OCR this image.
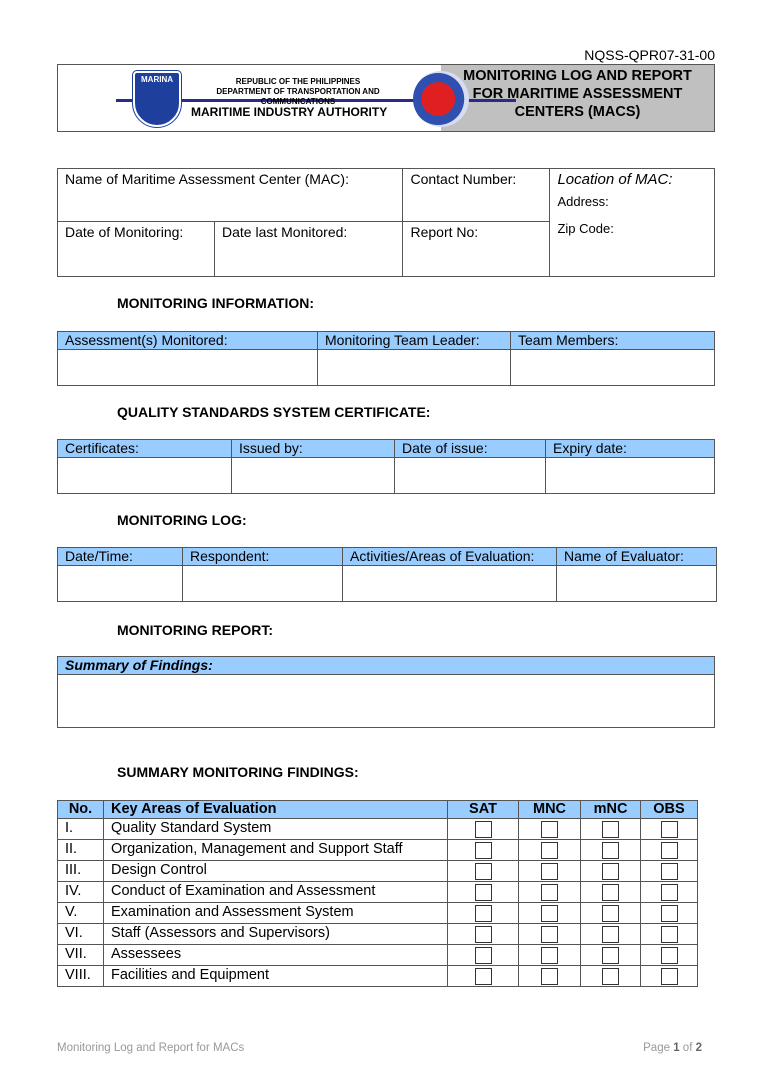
NQSS-QPR07-31-00
MARINA	REPUBLIC OF THE PHILIPPINES
DEPARTMENT OF TRANSPORTATION AND COMMUNICATIONS
MARITIME INDUSTRY AUTHORITY
MONITORING LOG AND REPORT
FOR MARITIME ASSESSMENT
CENTERS (MACS)
Name of Maritime Assessment Center (MAC):		Contact Number:	Location of MAC:
Address:
Zip Code:

Date of Monitoring:	Date last Monitored:	Report No:	
MONITORING INFORMATION:
Assessment(s) Monitored:	Monitoring Team Leader:	Team Members:

QUALITY STANDARDS SYSTEM CERTIFICATE:
Certificates:	Issued by:	Date of issue:	Expiry date:

MONITORING LOG:
Date/Time:	Respondent:	Activities/Areas of Evaluation:	Name of Evaluator:

MONITORING REPORT:
Summary of Findings:

SUMMARY MONITORING FINDINGS:
No.	Key Areas of Evaluation	SAT	MNC	mNC	OBS
I.	Quality Standard System				
II.	Organization, Management and Support Staff				
III.	Design Control				
IV.	Conduct of Examination and Assessment				
V.	Examination and Assessment System				
VI.	Staff (Assessors and Supervisors)				
VII.	Assessees				
VIII.	Facilities and Equipment				
Monitoring Log and Report for MACs	Page 1 of 2
